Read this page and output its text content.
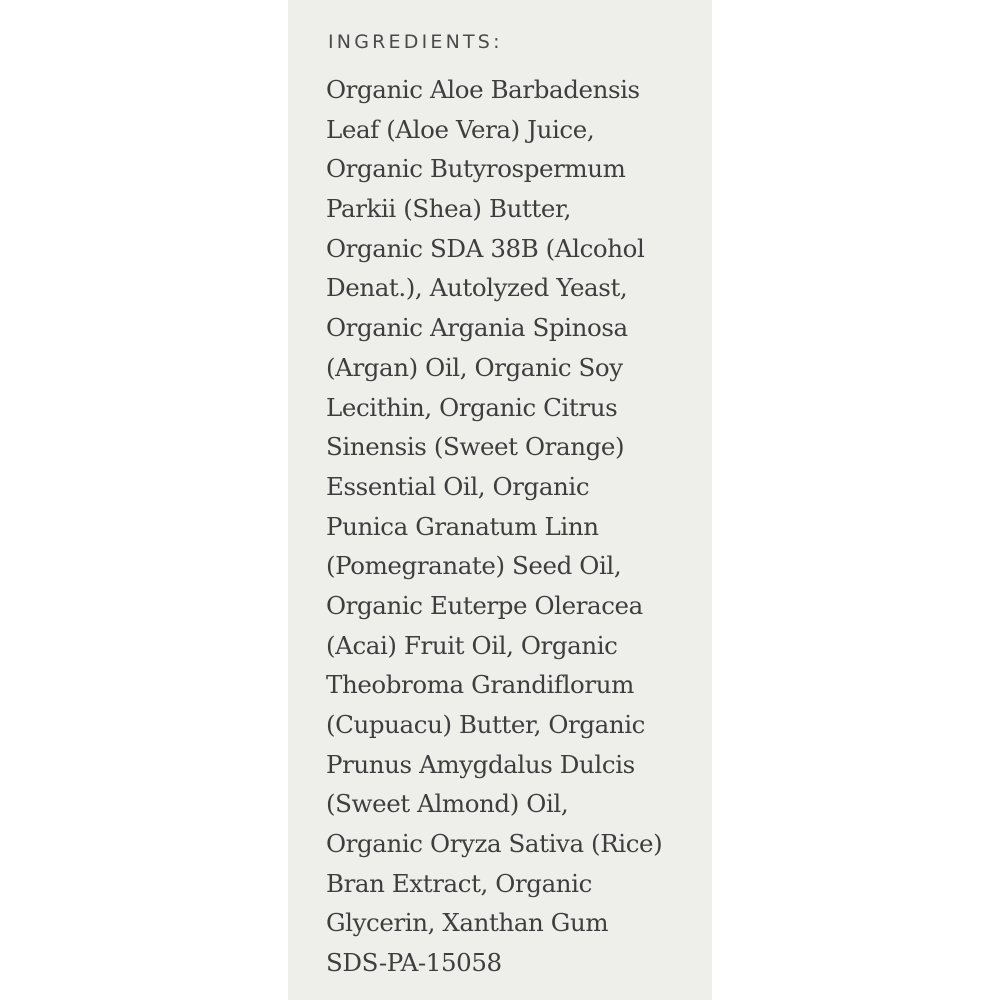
INGREDIENTS:
Organic Aloe Barbadensis
Leaf (Aloe Vera) Juice,
Organic Butyrospermum
Parkii (Shea) Butter,
Organic SDA 38B (Alcohol
Denat.), Autolyzed Yeast,
Organic Argania Spinosa
(Argan) Oil, Organic Soy
Lecithin, Organic Citrus
Sinensis (Sweet Orange)
Essential Oil, Organic
Punica Granatum Linn
(Pomegranate) Seed Oil,
Organic Euterpe Oleracea
(Acai) Fruit Oil, Organic
Theobroma Grandiflorum
(Cupuacu) Butter, Organic
Prunus Amygdalus Dulcis
(Sweet Almond) Oil,
Organic Oryza Sativa (Rice)
Bran Extract, Organic
Glycerin, Xanthan Gum
SDS-PA-15058
